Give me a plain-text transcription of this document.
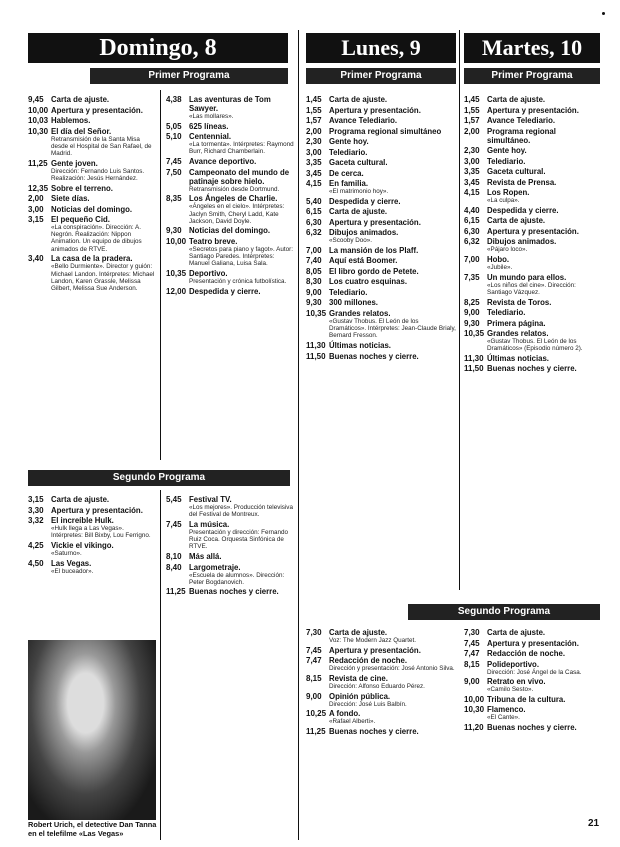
Domingo, 8
Primer Programa
Lunes, 9
Primer Programa
Martes, 10
Primer Programa
9,45 Carta de ajuste.
10,00 Apertura y presentación.
10,03 Hablemos.
10,30 El día del Señor.
Retransmisión de la Santa Misa desde el Hospital de San Rafael, de Madrid.
11,25 Gente joven.
Dirección: Fernando Luis Santos. Realización: Jesús Hernández.
12,35 Sobre el terreno.
2,00 Siete días.
3,00 Noticias del domingo.
3,15 El pequeño Cid.
«La conspiración». Dirección: A. Negrón. Realización: Nippon Animation. Un equipo de dibujos animados de RTVE.
3,40 La casa de la pradera.
«Bello Durmiente». Director y guión: Michael Landon. Intérpretes: Michael Landon, Karen Grassle, Melissa Gilbert, Melissa Sue Anderson.
4,38 Las aventuras de Tom Sawyer.
«Las mollares».
5,05 625 líneas.
5,10 Centennial.
«La tormenta». Intérpretes: Raymond Burr, Richard Chamberlain.
7,45 Avance deportivo.
7,50 Campeonato del mundo de patinaje sobre hielo.
Retransmisión desde Dortmund.
8,35 Los Ángeles de Charlie.
«Ángeles en el cielo». Intérpretes: Jaclyn Smith, Cheryl Ladd, Kate Jackson, David Doyle.
9,30 Noticias del domingo.
10,00 Teatro breve.
«Secretos para piano y fagot». Autor: Santiago Paredes. Intérpretes: Manuel Galiana, Luisa Sala.
10,35 Deportivo.
Presentación y crónica futbolística.
12,00 Despedida y cierre.
Segundo Programa
3,15 Carta de ajuste.
3,30 Apertura y presentación.
3,32 El increíble Hulk.
«Hulk llega a Las Vegas». Intérpretes: Bill Bixby, Lou Ferrigno.
4,25 Vickie el vikingo.
«Saturno».
4,50 Las Vegas.
«El buceador».
5,45 Festival TV.
«Los mejores». Producción televisiva del Festival de Montreux.
7,45 La música.
Presentación y dirección: Fernando Ruiz Coca. Orquesta Sinfónica de RTVE.
8,10 Más allá.
8,40 Largometraje.
«Escuela de alumnos». Dirección: Peter Bogdanovich.
11,25 Buenas noches y cierre.
Robert Urich, el detective Dan Tanna en el telefilme «Las Vegas»
1,45 Carta de ajuste.
1,55 Apertura y presentación.
1,57 Avance Telediario.
2,00 Programa regional simultáneo
2,30 Gente hoy.
3,00 Telediario.
3,35 Gaceta cultural.
3,45 De cerca.
4,15 En familia.
«El matrimonio hoy».
5,40 Despedida y cierre.
6,15 Carta de ajuste.
6,30 Apertura y presentación.
6,32 Dibujos animados.
«Scooby Doo».
7,00 La mansión de los Plaff.
7,40 Aquí está Boomer.
8,05 El libro gordo de Petete.
8,30 Los cuatro esquinas.
9,00 Telediario.
9,30 300 millones.
10,35 Grandes relatos.
«Gustav Thobus. El León de los Dramáticos». Intérpretes: Jean-Claude Brialy, Bernard Fresson.
11,30 Últimas noticias.
11,50 Buenas noches y cierre.
1,45 Carta de ajuste.
1,55 Apertura y presentación.
1,57 Avance Telediario.
2,00 Programa regional simultáneo.
2,30 Gente hoy.
3,00 Telediario.
3,35 Gaceta cultural.
3,45 Revista de Prensa.
4,15 Los Ropen.
«La culpa».
4,40 Despedida y cierre.
6,15 Carta de ajuste.
6,30 Apertura y presentación.
6,32 Dibujos animados.
«Pájaro loco».
7,00 Hobo.
«Jubile».
7,35 Un mundo para ellos.
«Los niños del cine». Dirección: Santiago Vázquez.
8,25 Revista de Toros.
9,00 Telediario.
9,30 Primera página.
10,35 Grandes relatos.
«Gustav Thobus. El León de los Dramáticos» (Episodio número 2).
11,30 Últimas noticias.
11,50 Buenas noches y cierre.
Segundo Programa
7,30 Carta de ajuste.
Voz: The Modern Jazz Quartet.
7,45 Apertura y presentación.
7,47 Redacción de noche.
Dirección y presentación: José Antonio Silva.
8,15 Revista de cine.
Dirección: Alfonso Eduardo Pérez.
9,00 Opinión pública.
Dirección: José Luis Balbín.
10,25 A fondo.
«Rafael Alberti».
11,25 Buenas noches y cierre.
7,30 Carta de ajuste.
7,45 Apertura y presentación.
7,47 Redacción de noche.
8,15 Polideportivo.
Dirección: José Ángel de la Casa.
9,00 Retrato en vivo.
«Camilo Sesto».
10,00 Tribuna de la cultura.
10,30 Flamenco.
«El Cante».
11,20 Buenas noches y cierre.
21
